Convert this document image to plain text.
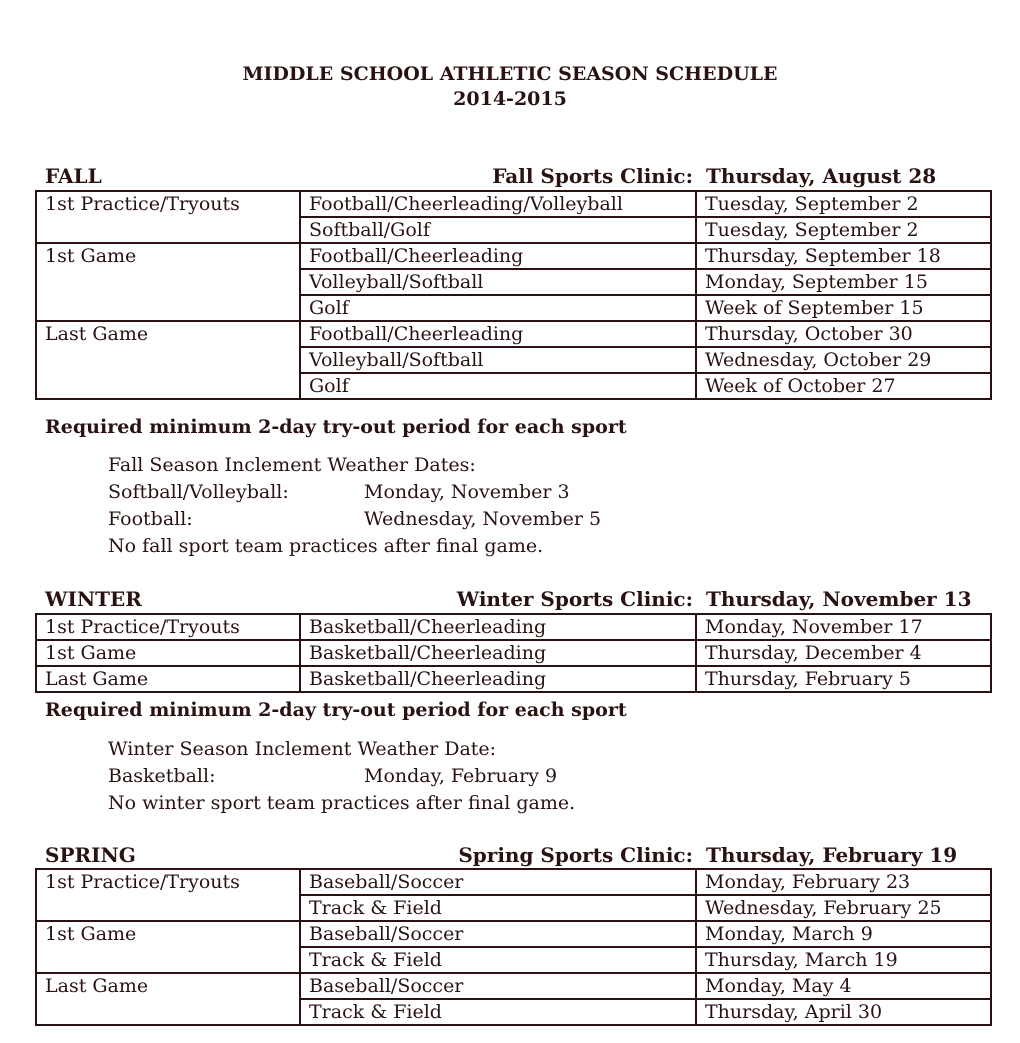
MIDDLE SCHOOL ATHLETIC SEASON SCHEDULE
2014-2015
FALL	Fall Sports Clinic: Thursday, August 28
1st Practice/Tryouts	Football/Cheerleading/Volleyball	Tuesday, September 2
	Softball/Golf	Tuesday, September 2
1st Game	Football/Cheerleading	Thursday, September 18
	Volleyball/Softball	Monday, September 15
	Golf	Week of September 15
Last Game	Football/Cheerleading	Thursday, October 30
	Volleyball/Softball	Wednesday, October 29
	Golf	Week of October 27
Required minimum 2-day try-out period for each sport
Fall Season Inclement Weather Dates:
Softball/Volleyball:	Monday, November 3
Football:	Wednesday, November 5
No fall sport team practices after final game.
WINTER	Winter Sports Clinic: Thursday, November 13
1st Practice/Tryouts	Basketball/Cheerleading	Monday, November 17
1st Game	Basketball/Cheerleading	Thursday, December 4
Last Game	Basketball/Cheerleading	Thursday, February 5
Required minimum 2-day try-out period for each sport
Winter Season Inclement Weather Date:
Basketball:	Monday, February 9
No winter sport team practices after final game.
SPRING	Spring Sports Clinic: Thursday, February 19
1st Practice/Tryouts	Baseball/Soccer	Monday, February 23
	Track & Field	Wednesday, February 25
1st Game	Baseball/Soccer	Monday, March 9
	Track & Field	Thursday, March 19
Last Game	Baseball/Soccer	Monday, May 4
	Track & Field	Thursday, April 30
